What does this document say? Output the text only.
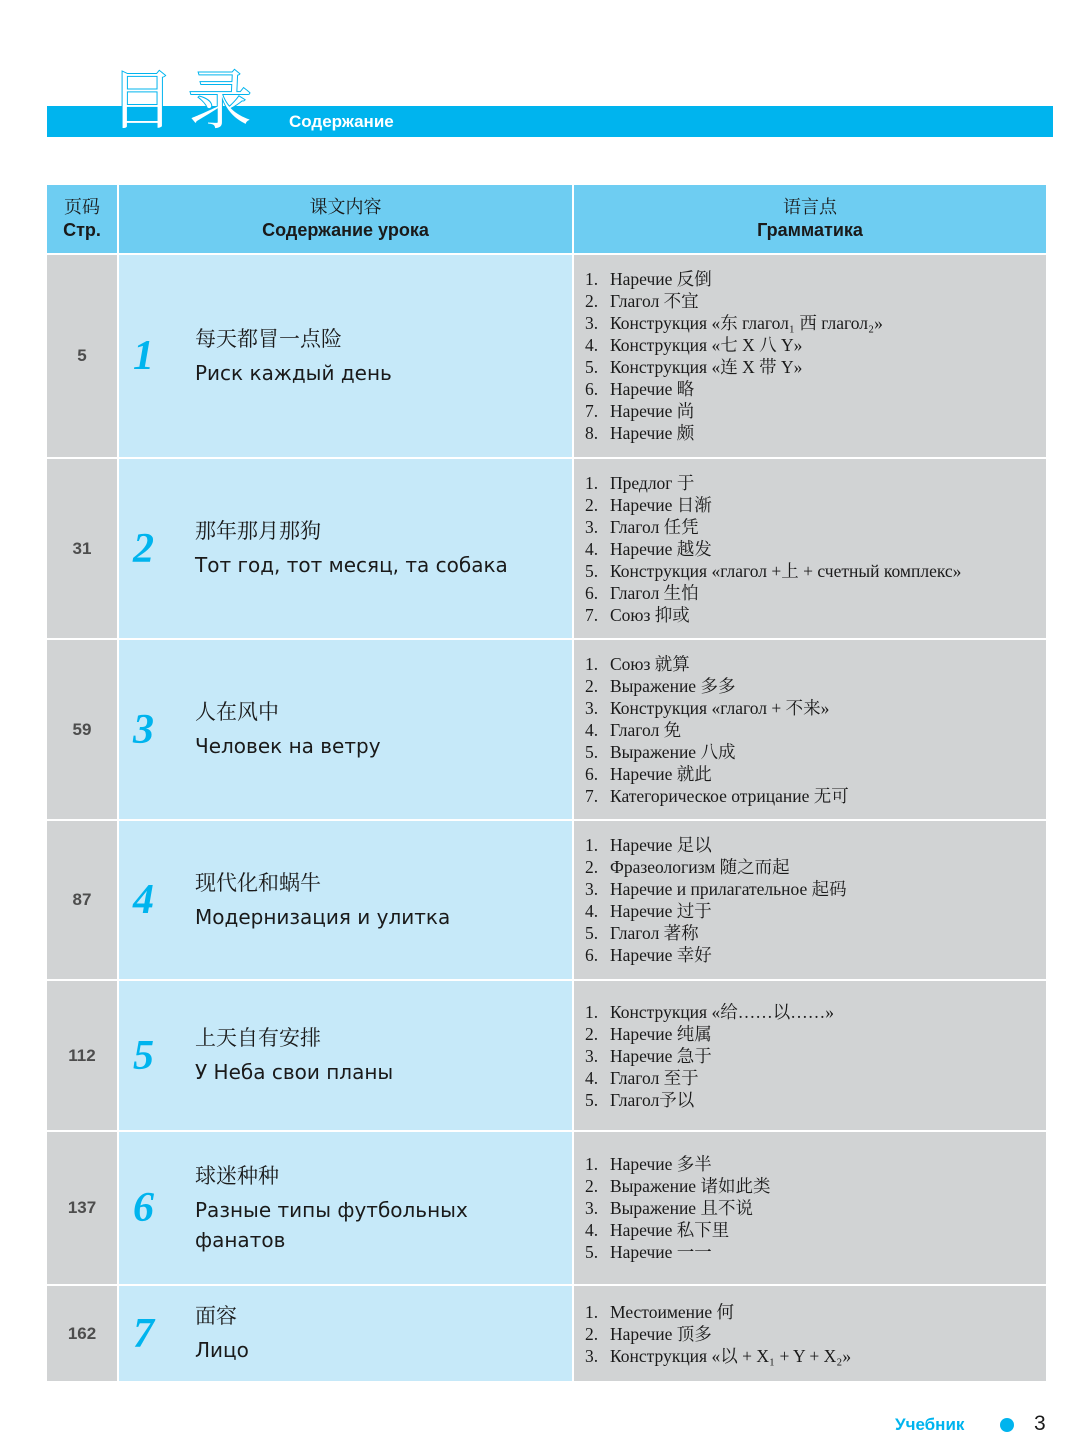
目录 Содержание
页码
Стр.
课文内容
Содержание урока
语言点
Грамматика
5	1 每天都冒一点险
Риск каждый день
1. Наречие 反倒
2. Глагол 不宜
3. Конструкция «东 глагол₁ 西 глагол₂»
4. Конструкция «七 X 八 Y»
5. Конструкция «连 X 带 Y»
6. Наречие 略
7. Наречие 尚
8. Наречие 颇
31 2 那年那月那狗
Тот год, тот месяц, та собака
1. Предлог 于
2. Наречие 日渐
3. Глагол 任凭
4. Наречие 越发
5. Конструкция «глагол +上 + счетный комплекс»
6. Глагол 生怕
7. Союз 抑或
59 3 人在风中
Человек на ветру
1. Союз 就算
2. Выражение 多多
3. Конструкция «глагол + 不来»
4. Глагол 免
5. Выражение 八成
6. Наречие 就此
7. Категорическое отрицание 无可
87 4 现代化和蜗牛
Модернизация и улитка
1. Наречие 足以
2. Фразеологизм 随之而起
3. Наречие и прилагательное 起码
4. Наречие 过于
5. Глагол 著称
6. Наречие 幸好
112 5 上天自有安排
У Неба свои планы
1. Конструкция «给……以……»
2. Наречие 纯属
3. Наречие 急于
4. Глагол 至于
5. Глагол予以
137 6
球迷种种
Разные типы футбольных фанатов
1. Наречие 多半
2. Выражение 诸如此类
3. Выражение 且不说
4. Наречие 私下里
5. Наречие 一一
162 7 面容
Лицо
1. Местоимение 何
2. Наречие 顶多
3. Конструкция «以 + X₁ + Y + X₂»
Учебник	3
